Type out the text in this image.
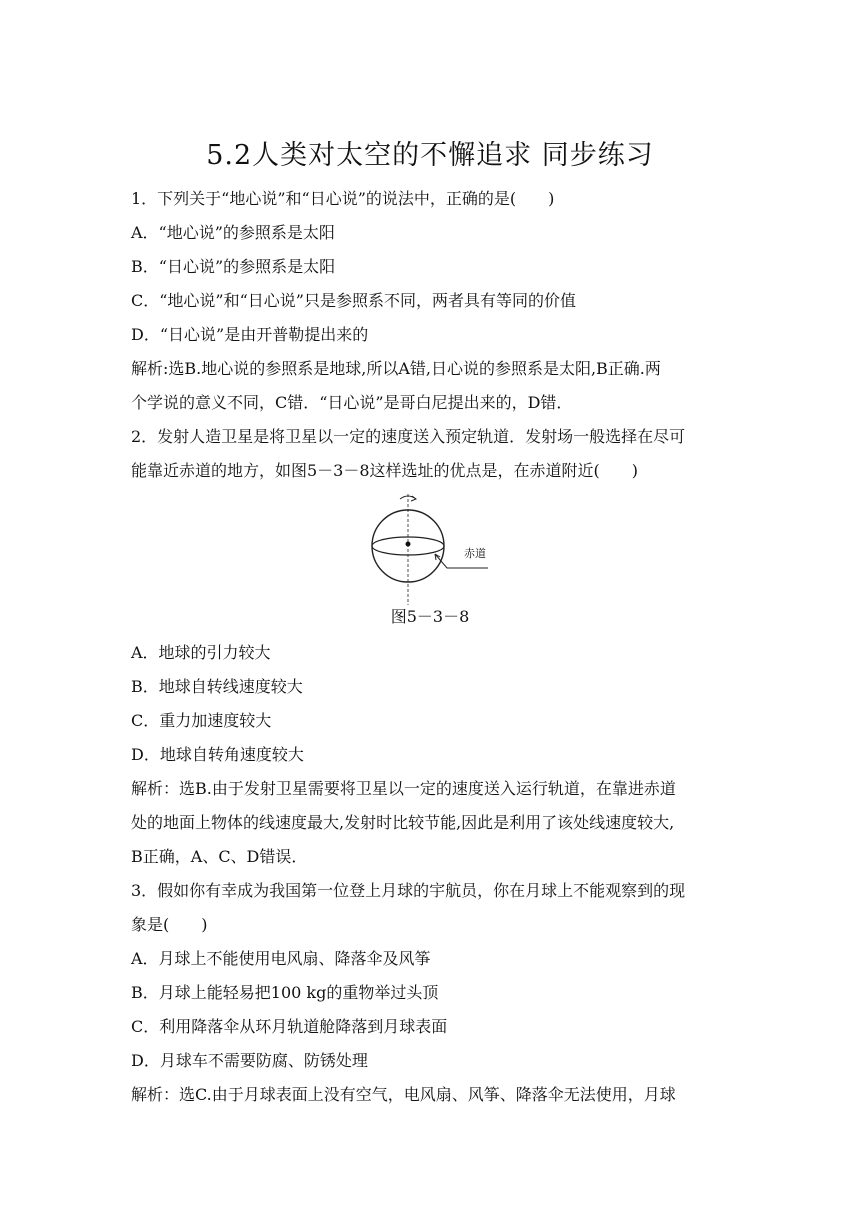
5.2人类对太空的不懈追求 同步练习
1．下列关于“地心说”和“日心说”的说法中，正确的是(　　)
A．“地心说”的参照系是太阳
B．“日心说”的参照系是太阳
C．“地心说”和“日心说”只是参照系不同，两者具有等同的价值
D．“日心说”是由开普勒提出来的
解析:选B.地心说的参照系是地球,所以A错,日心说的参照系是太阳,B正确.两
个学说的意义不同，C错．“日心说”是哥白尼提出来的，D错．
2．发射人造卫星是将卫星以一定的速度送入预定轨道．发射场一般选择在尽可
能靠近赤道的地方，如图5－3－8这样选址的优点是，在赤道附近(　　)
赤道
图5－3－8
A．地球的引力较大
B．地球自转线速度较大
C．重力加速度较大
D．地球自转角速度较大
解析：选B.由于发射卫星需要将卫星以一定的速度送入运行轨道，在靠进赤道
处的地面上物体的线速度最大,发射时比较节能,因此是利用了该处线速度较大,
B正确，A、C、D错误．
3．假如你有幸成为我国第一位登上月球的宇航员，你在月球上不能观察到的现
象是(　　)
A．月球上不能使用电风扇、降落伞及风筝
B．月球上能轻易把100 kg的重物举过头顶
C．利用降落伞从环月轨道舱降落到月球表面
D．月球车不需要防腐、防锈处理
解析：选C.由于月球表面上没有空气，电风扇、风筝、降落伞无法使用，月球
